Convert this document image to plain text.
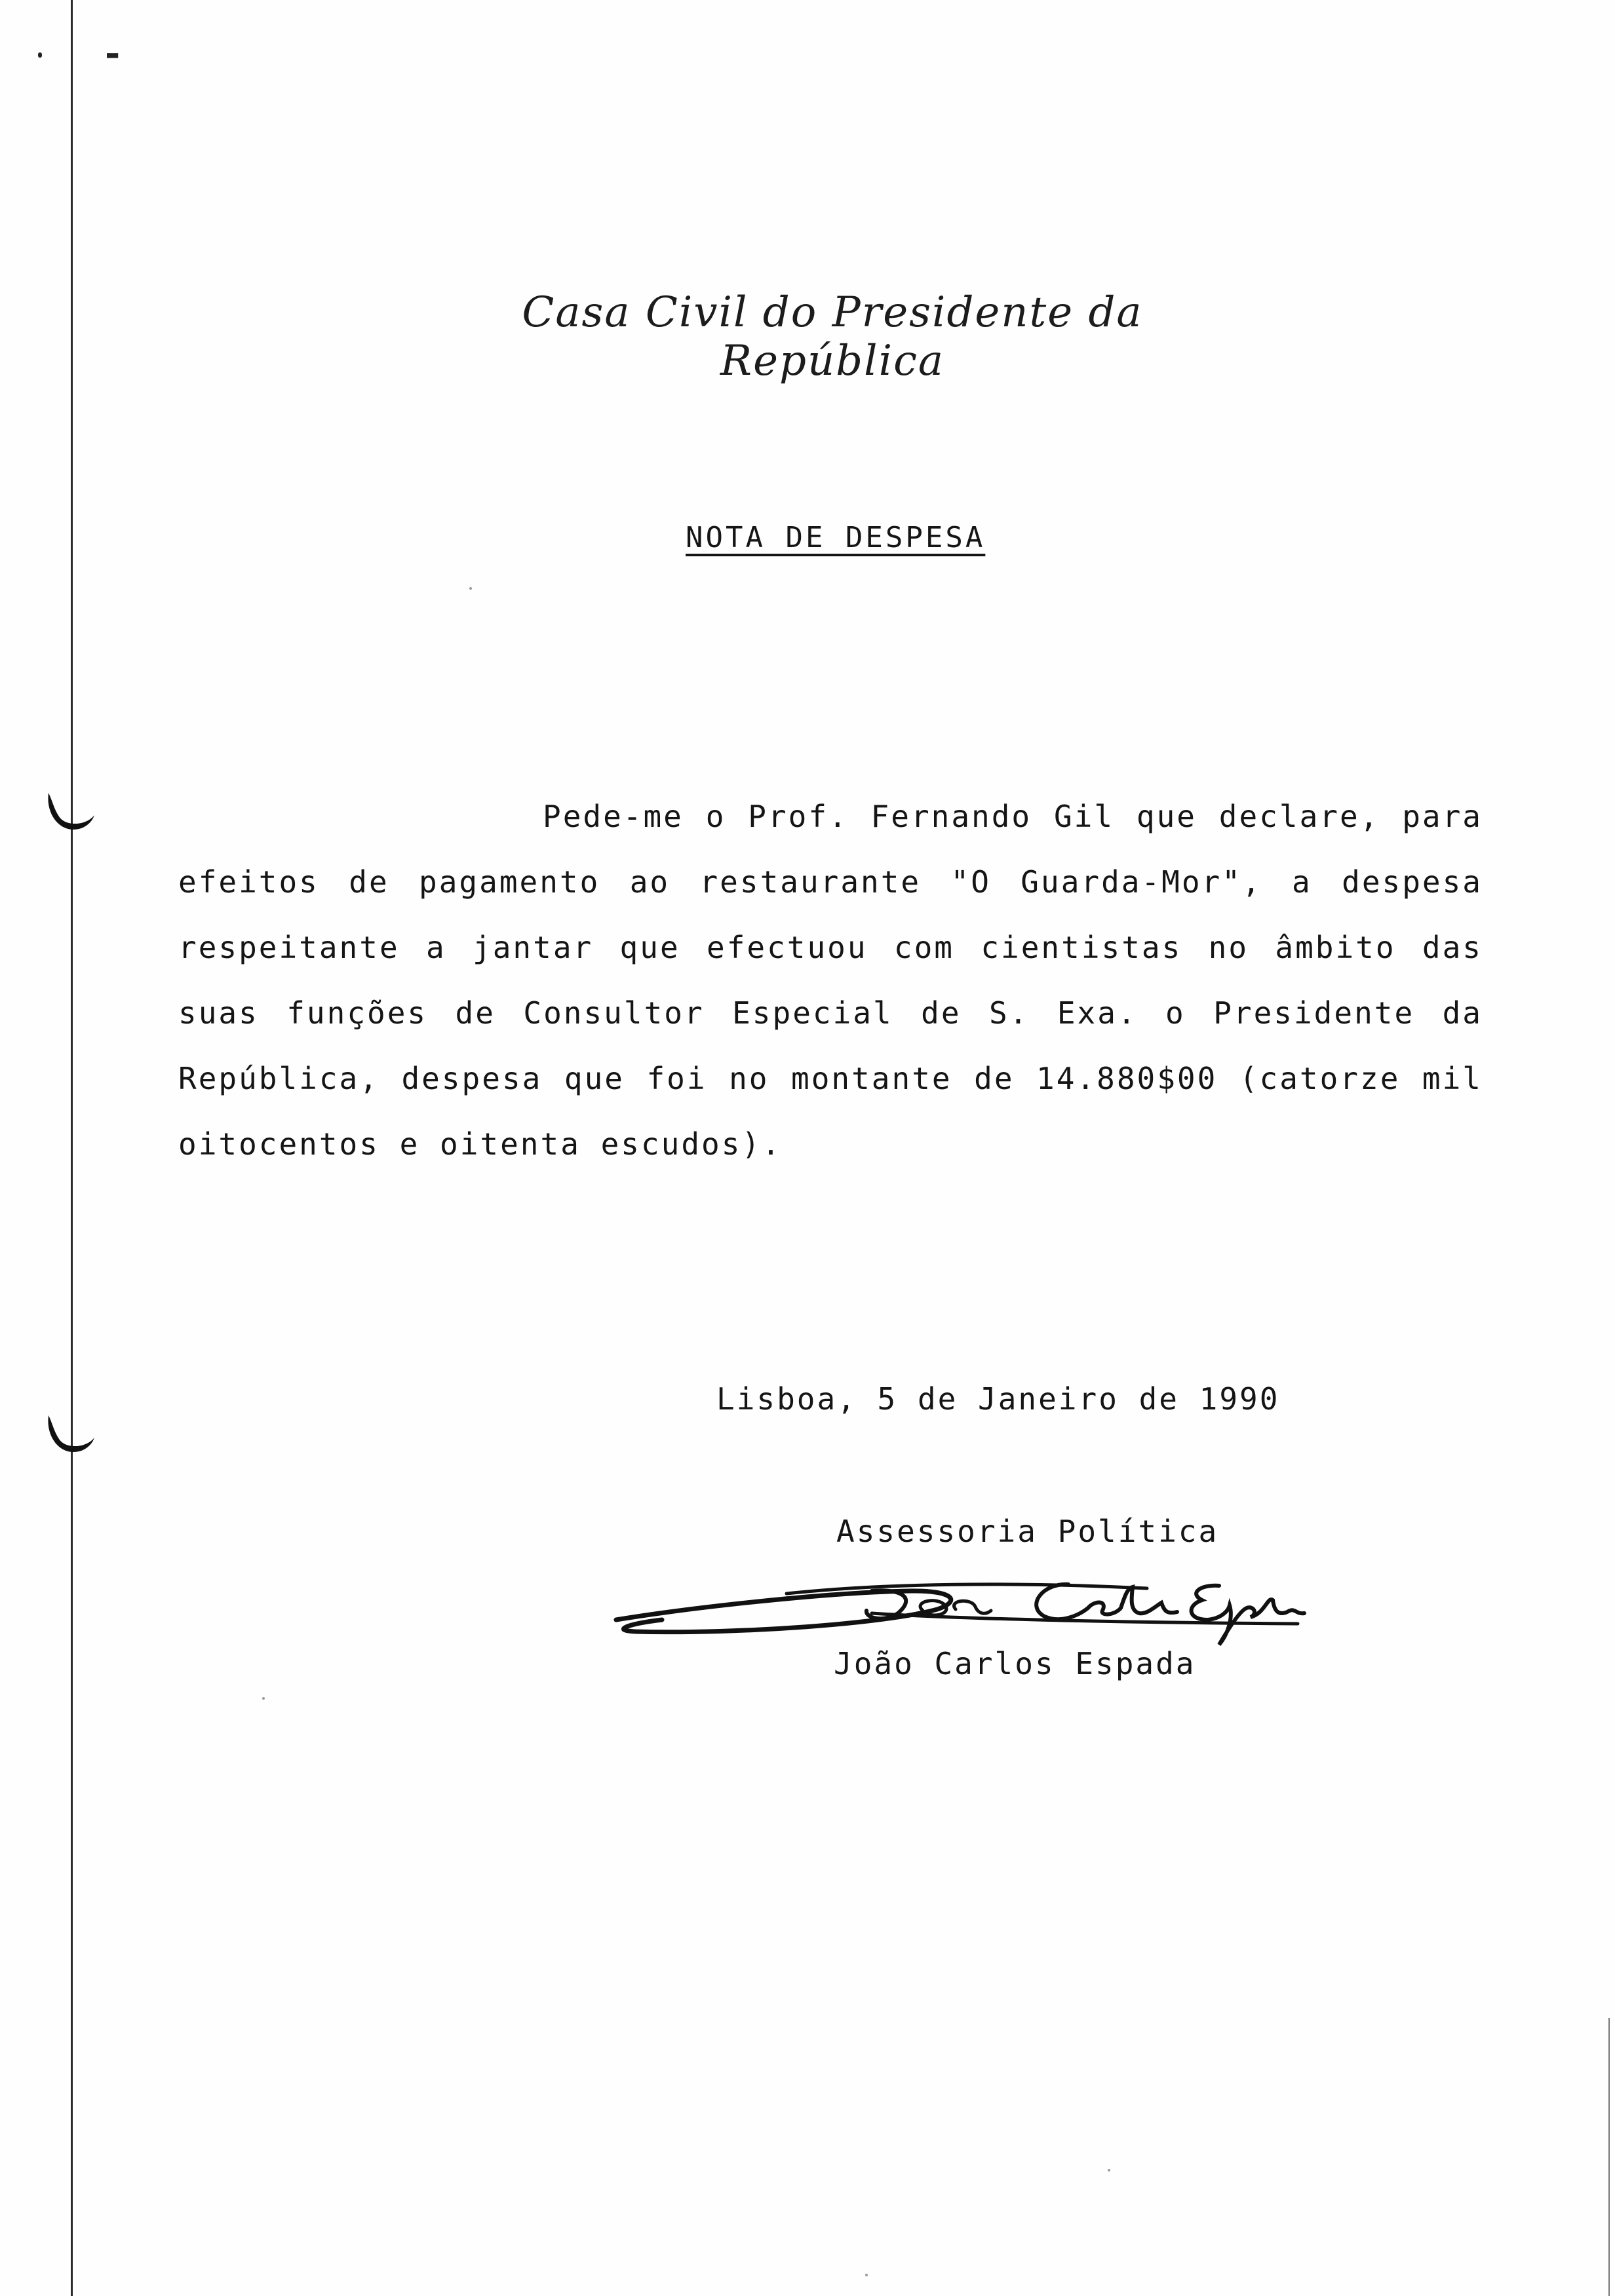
-
Casa Civil do Presidente da República
NOTA DE DESPESA
Pede-me o Prof. Fernando Gil que declare, para efeitos de pagamento ao restaurante "O Guarda-Mor", a despesa respeitante a jantar que efectuou com cientistas no âmbito das suas funções de Consultor Especial de S. Exa. o Presidente da República, despesa que foi no montante de 14.880$00 (catorze mil oitocentos e oitenta escudos).
Lisboa, 5 de Janeiro de 1990
Assessoria Política
João Carlos Espada
